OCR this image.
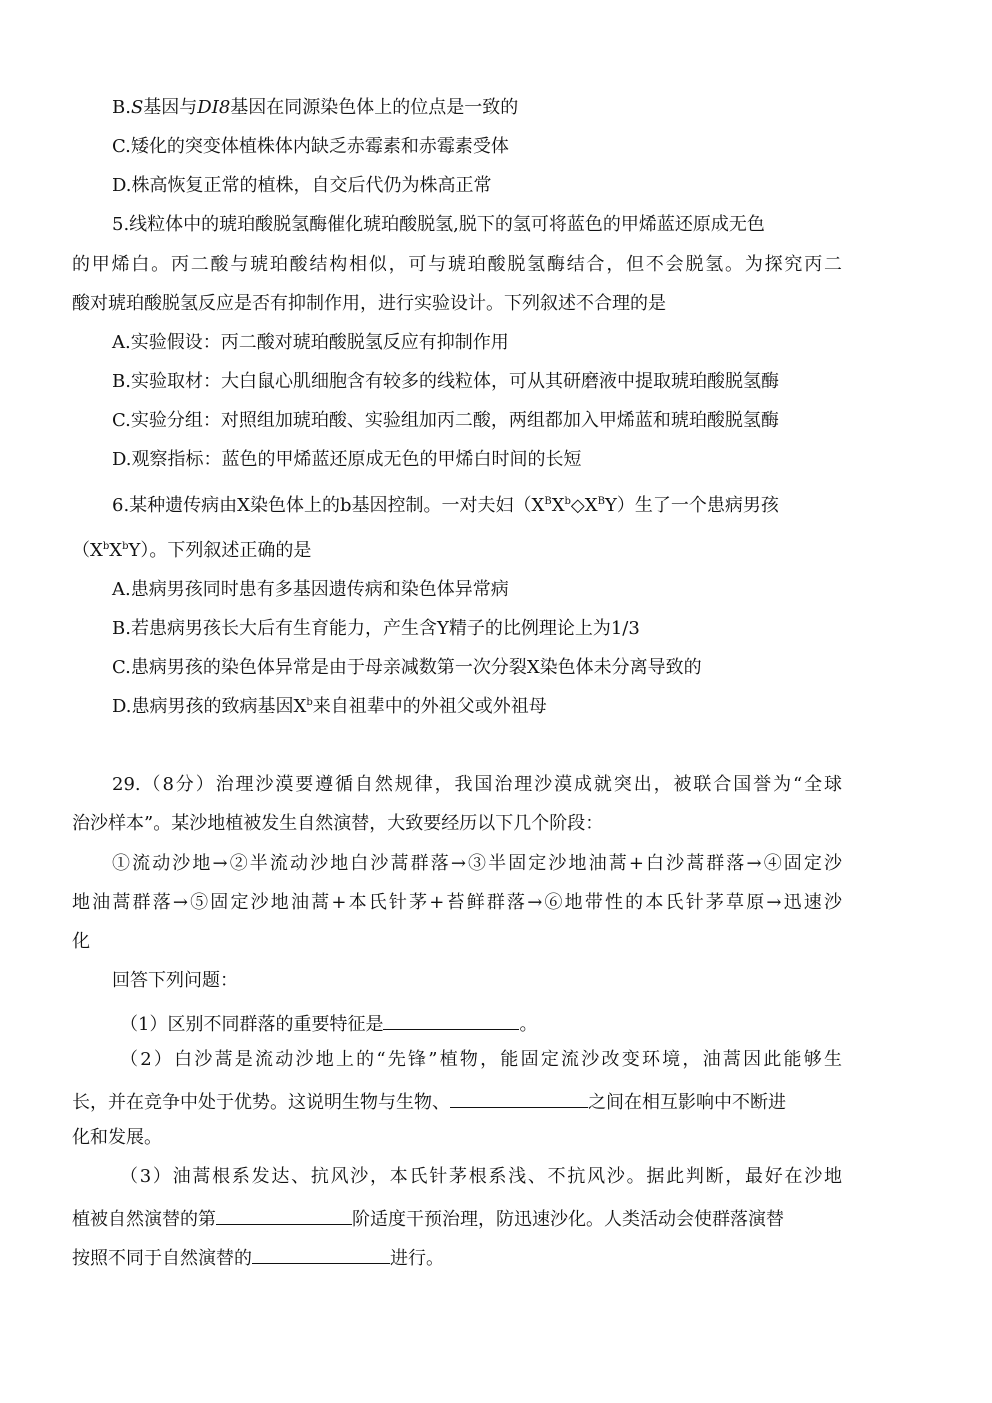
B.S基因与DI8基因在同源染色体上的位点是一致的
C.矮化的突变体植株体内缺乏赤霉素和赤霉素受体
D.株高恢复正常的植株，自交后代仍为株高正常
5.线粒体中的琥珀酸脱氢酶催化琥珀酸脱氢,脱下的氢可将蓝色的甲烯蓝还原成无色
的甲烯白。丙二酸与琥珀酸结构相似，可与琥珀酸脱氢酶结合，但不会脱氢。为探究丙二
酸对琥珀酸脱氢反应是否有抑制作用，进行实验设计。下列叙述不合理的是
A.实验假设：丙二酸对琥珀酸脱氢反应有抑制作用
B.实验取材：大白鼠心肌细胞含有较多的线粒体，可从其研磨液中提取琥珀酸脱氢酶
C.实验分组：对照组加琥珀酸、实验组加丙二酸，两组都加入甲烯蓝和琥珀酸脱氢酶
D.观察指标：蓝色的甲烯蓝还原成无色的甲烯白时间的长短
6.某种遗传病由X染色体上的b基因控制。一对夫妇$(X^BX^b◇X^BY)$生了一个患病男孩
$(X^bX^bY)$。下列叙述正确的是
A.患病男孩同时患有多基因遗传病和染色体异常病
B.若患病男孩长大后有生育能力，产生含Y精子的比例理论上为1/3
C.患病男孩的染色体异常是由于母亲减数第一次分裂X染色体未分离导致的
D.患病男孩的致病基因$X^b$来自祖辈中的外祖父或外祖母
29.（8分）治理沙漠要遵循自然规律，我国治理沙漠成就突出，被联合国誉为“全球
治沙样本”。某沙地植被发生自然演替，大致要经历以下几个阶段：
①流动沙地→②半流动沙地白沙蒿群落→③半固定沙地油蒿+白沙蒿群落→④固定沙
地油蒿群落→⑤固定沙地油蒿+本氏针茅+苔鲜群落→⑥地带性的本氏针茅草原→迅速沙
化
回答下列问题：
（1）区别不同群落的重要特征是	。
（2）白沙蒿是流动沙地上的“先锋”植物，能固定流沙改变环境，油蒿因此能够生
长，并在竞争中处于优势。这说明生物与生物、	之间在相互影响中不断进
化和发展。
（3）油蒿根系发达、抗风沙，本氏针茅根系浅、不抗风沙。据此判断，最好在沙地
植被自然演替的第	阶适度干预治理，防迅速沙化。人类活动会使群落演替
按照不同于自然演替的	进行。
